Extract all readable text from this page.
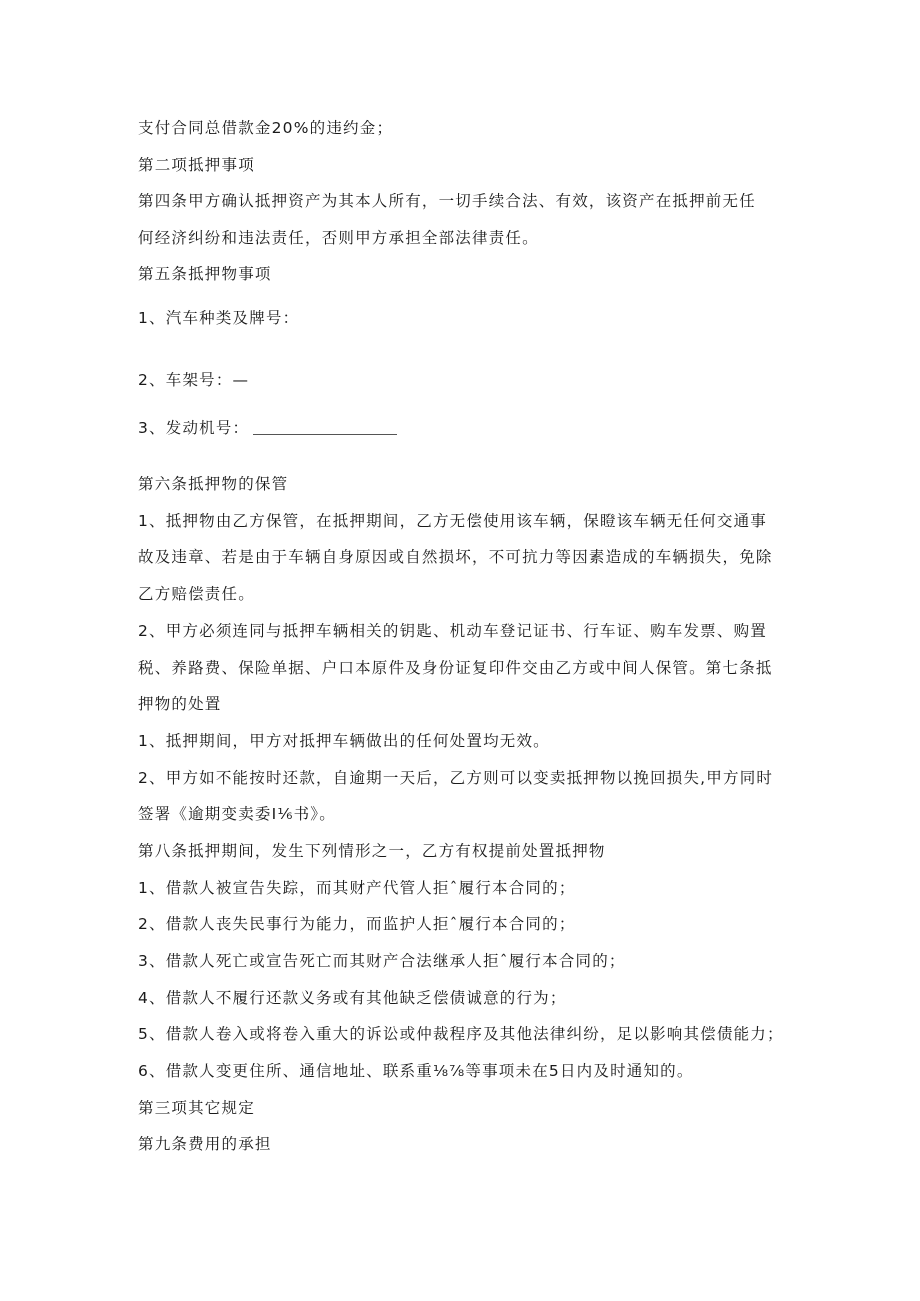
支付合同总借款金20%的违约金；
第二项抵押事项
第四条甲方确认抵押资产为其本人所有，一切手续合法、有效，该资产在抵押前无任
何经济纠纷和违法责任，否则甲方承担全部法律责任。
第五条抵押物事项
1、汽车种类及牌号：
2、车架号：—
3、发动机号：
第六条抵押物的保管
1、抵押物由乙方保管，在抵押期间，乙方无偿使用该车辆，保瞪该车辆无任何交通事
故及违章、若是由于车辆自身原因或自然损坏，不可抗力等因素造成的车辆损失，免除
乙方赔偿责任。
2、甲方必须连同与抵押车辆相关的钥匙、机动车登记证书、行车证、购车发票、购置
税、养路费、保险单据、户口本原件及身份证复印件交由乙方或中间人保管。第七条抵
押物的处置
1、抵押期间，甲方对抵押车辆做出的任何处置均无效。
2、甲方如不能按时还款，自逾期一天后，乙方则可以变卖抵押物以挽回损失,甲方同时
签署《逾期变卖委I⅙书》。
第八条抵押期间，发生下列情形之一，乙方有权提前处置抵押物
1、借款人被宣告失踪，而其财产代管人拒ˆ履行本合同的；
2、借款人丧失民事行为能力，而监护人拒ˆ履行本合同的；
3、借款人死亡或宣告死亡而其财产合法继承人拒ˆ履行本合同的；
4、借款人不履行还款义务或有其他缺乏偿债诚意的行为；
5、借款人卷入或将卷入重大的诉讼或仲裁程序及其他法律纠纷，足以影响其偿债能力；
6、借款人变更住所、通信地址、联系重⅛⅞等事项未在5日内及时通知的。
第三项其它规定
第九条费用的承担
